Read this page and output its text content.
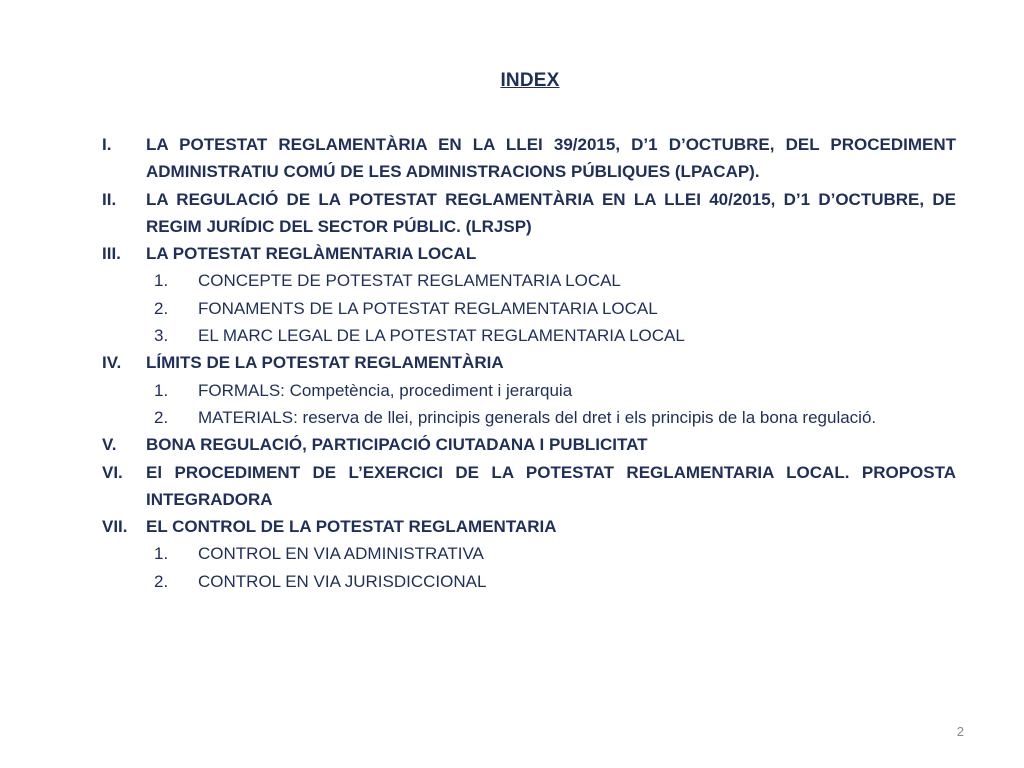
INDEX
I. LA POTESTAT REGLAMENTÀRIA EN LA LLEI 39/2015, D’1 D’OCTUBRE, DEL PROCEDIMENT ADMINISTRATIU COMÚ DE LES ADMINISTRACIONS PÚBLIQUES (LPACAP).
II. LA REGULACIÓ DE LA POTESTAT REGLAMENTÀRIA EN LA LLEI 40/2015, D’1 D’OCTUBRE, DE REGIM JURÍDIC DEL SECTOR PÚBLIC. (LRJSP)
III. LA POTESTAT REGLÀMENTARIA LOCAL
1. CONCEPTE DE POTESTAT REGLAMENTARIA LOCAL
2. FONAMENTS DE LA POTESTAT REGLAMENTARIA LOCAL
3. EL MARC LEGAL DE LA POTESTAT REGLAMENTARIA LOCAL
IV. LÍMITS DE LA POTESTAT REGLAMENTÀRIA
1. FORMALS: Competència, procediment i jerarquia
2. MATERIALS: reserva de llei, principis generals del dret i els principis de la bona regulació.
V. BONA REGULACIÓ, PARTICIPACIÓ CIUTADANA I PUBLICITAT
VI. El PROCEDIMENT DE L’EXERCICI DE LA POTESTAT REGLAMENTARIA LOCAL. PROPOSTA INTEGRADORA
VII. EL CONTROL DE LA POTESTAT REGLAMENTARIA
1. CONTROL EN VIA ADMINISTRATIVA
2. CONTROL EN VIA JURISDICCIONAL
2
